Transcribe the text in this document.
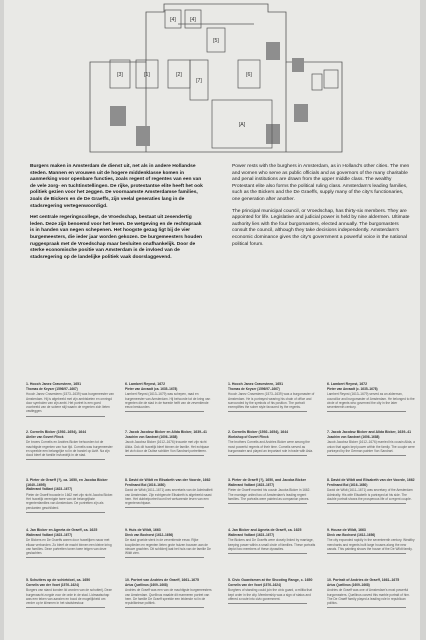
[4]	[4]
[5]
[3]	[1]	[2]	[6]
[7]
[A]

Burgers maken in Amsterdam de dienst uit, net als in andere Hollandse steden. Mannen en vrouwen uit de hogere middenklasse komen in aanmerking voor openbare functies, zoals regent of regentes van een van de vele zorg- en tuchtinstellingen. De rijke, protestantse elite heeft het ook politiek gezien voor het zeggen. De voornaamste Amsterdamse families, zoals de Bickers en de De Graeffs, zijn veelal generaties lang in de stadsregering vertegenwoordigd.

Het centrale regeringscollege, de Vroedschap, bestaat uit zesendertig leden. Deze zijn benoemd voor het leven. De wetgeving en de rechtspraak is in handen van negen schepenen. Het hoogste gezag ligt bij de vier burgemeesters, die ieder jaar worden gekozen. De burgemeesters houden ruggespraak met de Vroedschap maar besluiten onafhankelijk. Door de sterke economische positie van Amsterdam is de invloed van de stadsregering op de landelijke politiek vaak doorslaggevend.

Power rests with the burghers in Amsterdam, as in Holland's other cities. The men and women who serve as public officials and as governors of the many charitable and penal institutions are drawn from the upper middle class. The wealthy Protestant elite also forms the political ruling class. Amsterdam's leading families, such as the Bickers and the De Graeffs, supply many of the city's functionaries, one generation after another.

The principal municipal council, or Vroedschap, has thirty-six members. They are appointed for life. Legislative and judicial power is held by nine aldermen. Ultimate authority lies with the four burgomasters, elected annually. The burgomasters consult the council, although they take decisions independently. Amsterdam's economic dominance gives the city's government a powerful voice in the national political forum.

1. Hooch Janez Cravesteen, 1651
Thomas de Keyser (1596/97–1667)
Hooch Janez Cravesteen (1573–1639) was burgemeester van Amsterdam. Hij is afgebeeld met zijn ambtsketen en omringd door symbolen van zijn ambt. Het portret is een goed voorbeeld van de sobere stijl waarin de regenten zich lieten vastleggen.
2. Cornelis Bicker (1592–1654), 1644
Atelier van Govert Flinck
De broers Cornelis en Andries Bicker behoorden tot de machtigste regenten van hun tijd. Cornelis was burgemeester en speelde een belangrijke rol in de handel op Azië. Na zijn dood bleef de familie invloedrijk in de stad.
3. Pieter de Graeff (?), ca. 1650, en Jacoba Bicker (1640–1695)
Wallerand Vaillant (1623–1677)
Pieter de Graeff trouwde in 1662 met zijn nicht Jacoba Bicker. Het huwelijk verenigde twee van de belangrijkste regentenfamilies van Amsterdam. De portretten zijn als pendanten geschilderd.
4. Jan Bicker en Agneta de Graeff, ca. 1625
Wallerand Vaillant (1623–1677)
De Bickers en De Graeffs waren door huwelijken nauw met elkaar verbonden. Zo bleef de macht binnen een kleine kring van families. Deze portretten tonen twee telgen van deze geslachten.
5. Schutters op de schietdoel, ca. 1650
Cornelis van der Voort (1576–1624)
Burgers van stand konden lid worden van de schutterij. Deze burgerwacht zorgde voor de orde in de stad. Lidmaatschap was een teken van aanzien en bood de mogelijkheid om verder op te klimmen in het stadsbestuur.
6. Lambert Reynst, 1672
Pieter van Anraadt (ca. 1635–1678)
Lambert Reynst (1613–1679) was schepen, raad en burgemeester van Amsterdam. Hij behoorde tot de kring van regenten die de stad in de tweede helft van de zeventiende eeuw bestuurden.
7. Jacob Jacobsz Bicker en Alida Bicker, 1639–41
Joachim von Sandrart (1606–1688)
Jacob Jacobsz Bicker (1612–1676) trouwde met zijn nicht Alida. Ook dit huwelijk bleef binnen de familie. Het echtpaar liet zich door de Duitse schilder Von Sandrart portretteren.
8. David de Wildt en Elisabeth van der Voorde, 1662
Ferdinand Bol (1616–1680)
David de Wildt (1611–1671) was secretaris van de Admiraliteit van Amsterdam. Zijn echtgenote Elisabeth is afgebeeld naast hem. Het dubbelportret toont het welvarende leven van een regentenechtpaar.
9. Huis de Wildt, 1663
Dirck van Bochorst (1612–1656)
De stad groeide sterk in de zeventiende eeuw. Rijke kooplieden en regenten lieten grote huizen bouwen aan de nieuwe grachten. Dit schilderij laat het huis van de familie De Wildt zien.
10. Portret van Andries de Graeff, 1661–1675
Artus Quellinus (1609–1668)
Andries de Graeff was een van de machtigste burgemeesters van Amsterdam. Quellinus maakte dit marmeren portret van hem. De familie De Graeff speelde een leidende rol in de republikeinse politiek.
1. Hooch Janez Cravesteen, 1651
Thomas de Keyser (1596/97–1667)
Hooch Janez Cravesteen (1573–1639) was a burgomaster of Amsterdam. He is portrayed wearing his chain of office and surrounded by the symbols of his position. The portrait exemplifies the sober style favoured by the regents.
2. Cornelis Bicker (1592–1654), 1644
Workshop of Govert Flinck
The brothers Cornelis and Andries Bicker were among the most powerful regents of their time. Cornelis served as burgomaster and played an important role in trade with Asia.
3. Pieter de Graeff (?), 1650, and Jacoba Bicker
Wallerand Vaillant (1623–1677)
Pieter de Graeff married his cousin Jacoba Bicker in 1662. The marriage united two of Amsterdam's leading regent families. The portraits were painted as companion pieces.
4. Jan Bicker and Agneta de Graeff, ca. 1625
Wallerand Vaillant (1623–1677)
The Bickers and De Graeffs were closely linked by marriage, keeping power within a small circle of families. These portraits depict two members of these dynasties.
5. Civic Guardsmen at the Shooting Range, c. 1650
Cornelis van der Voort (1576–1624)
Burghers of standing could join the civic guard, a militia that kept order in the city. Membership was a sign of status and offered a route into civic government.
6. Lambert Reynst, 1672
Pieter van Anraadt (c. 1635–1678)
Lambert Reynst (1613–1679) served as an alderman, councillor and burgomaster of Amsterdam. He belonged to the circle of regents who governed the city in the later seventeenth century.
7. Jacob Jacobsz Bicker and Alida Bicker, 1639–41
Joachim von Sandrart (1606–1688)
Jacob Jacobsz Bicker (1612–1676) married his cousin Alida, a union that again kept power within the family. The couple were portrayed by the German painter Von Sandrart.
8. David de Wildt and Elisabeth van der Voorde, 1662
Ferdinand Bol (1616–1680)
David de Wildt (1611–1671) was secretary of the Amsterdam Admiralty. His wife Elisabeth is portrayed at his side. The double portrait shows the prosperous life of a regent couple.
9. House de Wildt, 1663
Dirck van Bochorst (1612–1656)
The city expanded rapidly in the seventeenth century. Wealthy merchants and regents built large houses along the new canals. This painting shows the house of the De Wildt family.
10. Portrait of Andries de Graeff, 1661–1675
Artus Quellinus (1609–1668)
Andries de Graeff was one of Amsterdam's most powerful burgomasters. Quellinus carved this marble portrait of him. The De Graeff family played a leading role in republican politics.
